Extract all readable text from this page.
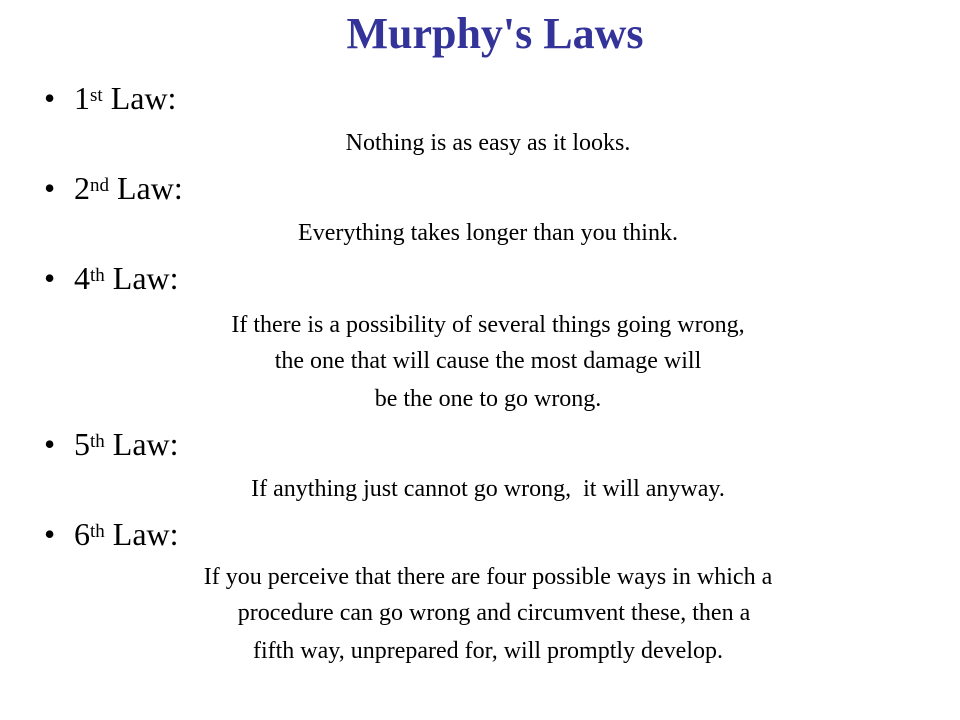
Murphy's Laws
• 1st Law:
Nothing is as easy as it looks.
• 2nd Law:
Everything takes longer than you think.
• 4th Law:
If there is a possibility of several things going wrong,
the one that will cause the most damage will
be the one to go wrong.
• 5th Law:
If anything just cannot go wrong,  it will anyway.
• 6th Law:
If you perceive that there are four possible ways in which a
procedure can go wrong and circumvent these, then a
fifth way, unprepared for, will promptly develop.
